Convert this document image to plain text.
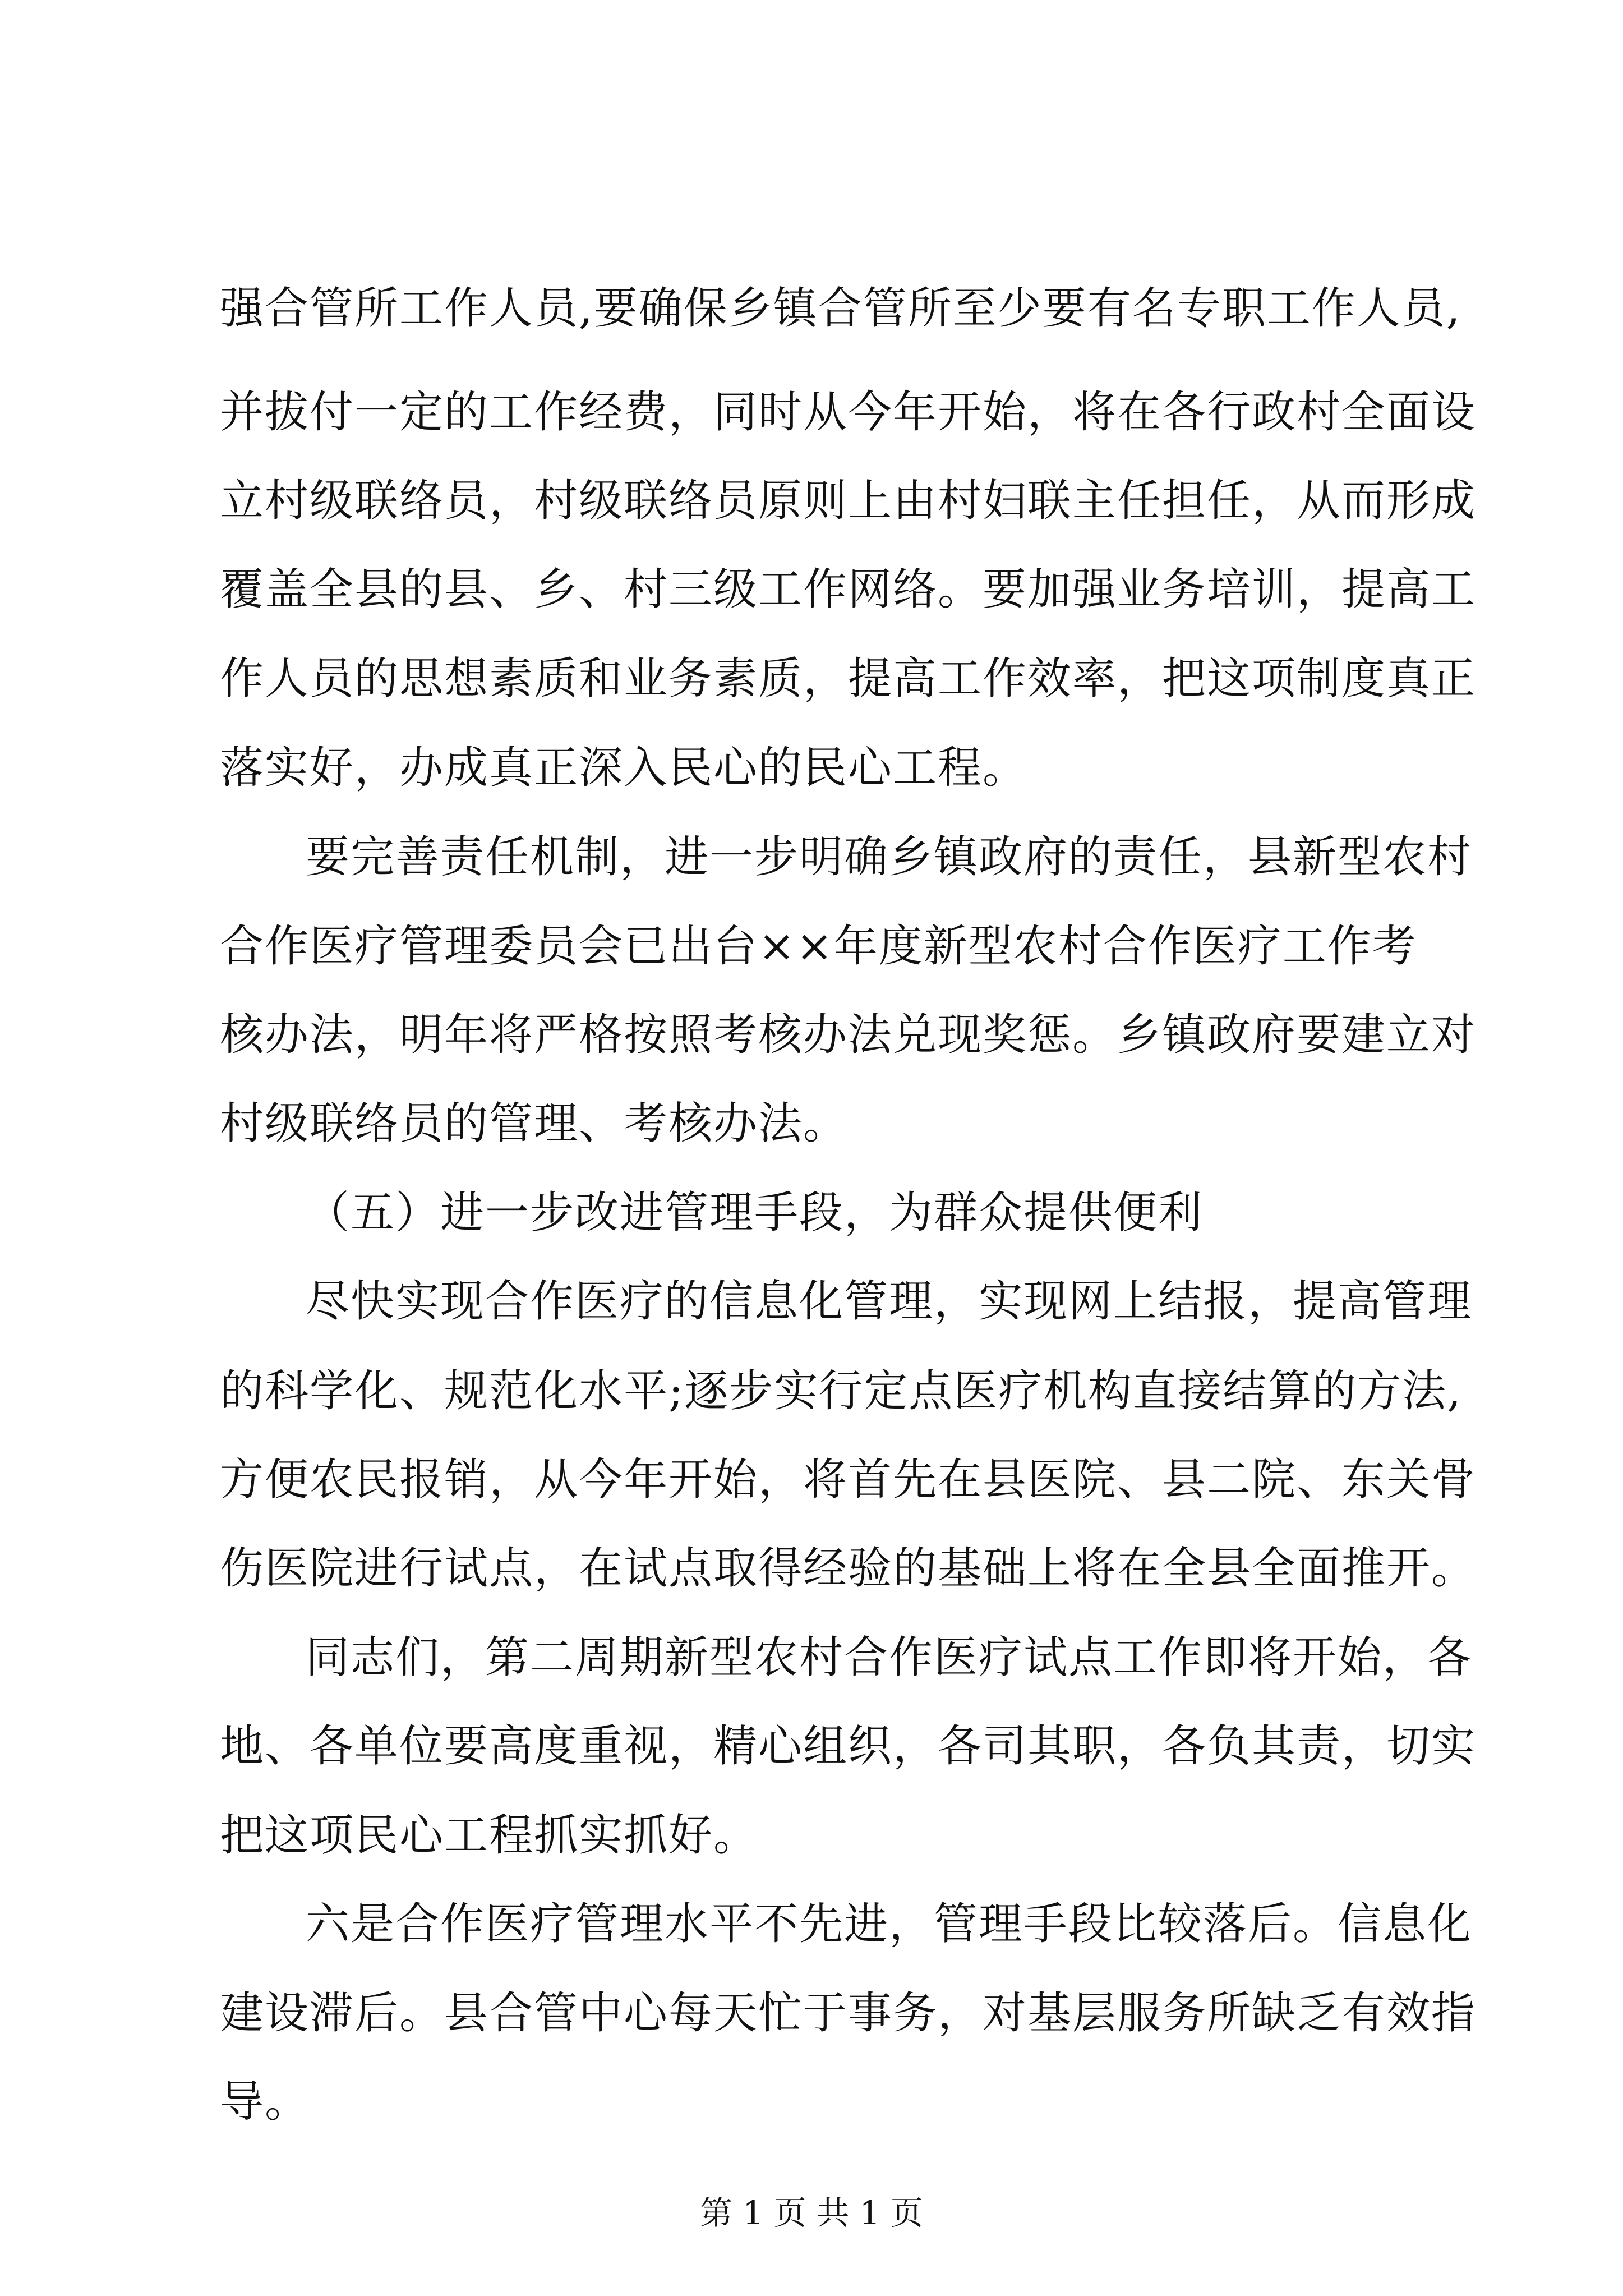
强合管所工作人员,要确保乡镇合管所至少要有名专职工作人员,
并拔付一定的工作经费，同时从今年开始，将在各行政村全面设
立村级联络员，村级联络员原则上由村妇联主任担任，从而形成
覆盖全县的县、乡、村三级工作网络。要加强业务培训，提高工
作人员的思想素质和业务素质，提高工作效率，把这项制度真正
落实好，办成真正深入民心的民心工程。
要完善责任机制，进一步明确乡镇政府的责任，县新型农村
合作医疗管理委员会已出台××年度新型农村合作医疗工作考
核办法，明年将严格按照考核办法兑现奖惩。乡镇政府要建立对
村级联络员的管理、考核办法。
（五）进一步改进管理手段，为群众提供便利
尽快实现合作医疗的信息化管理，实现网上结报，提高管理
的科学化、规范化水平;逐步实行定点医疗机构直接结算的方法,
方便农民报销，从今年开始，将首先在县医院、县二院、东关骨
伤医院进行试点，在试点取得经验的基础上将在全县全面推开。
同志们，第二周期新型农村合作医疗试点工作即将开始，各
地、各单位要高度重视，精心组织，各司其职，各负其责，切实
把这项民心工程抓实抓好。
六是合作医疗管理水平不先进，管理手段比较落后。信息化
建设滞后。县合管中心每天忙于事务，对基层服务所缺乏有效指
导。
第 1 页 共 1 页
